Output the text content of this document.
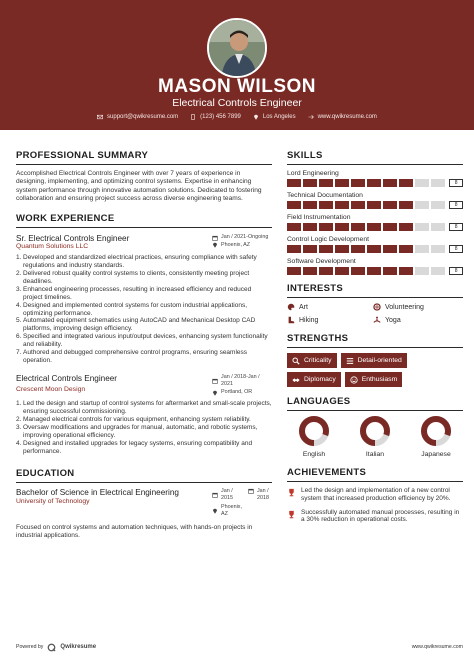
MASON WILSON
Electrical Controls Engineer
support@qwikresume.com	(123) 456 7899	Los Angeles	www.qwikresume.com
PROFESSIONAL SUMMARY
Accomplished Electrical Controls Engineer with over 7 years of experience in designing, implementing, and optimizing control systems. Expertise in enhancing system performance through innovative automation solutions. Dedicated to fostering collaboration and ensuring project success across diverse engineering teams.
WORK EXPERIENCE
Sr. Electrical Controls Engineer
Quantum Solutions LLC
Jan / 2021-Ongoing
Phoenix, AZ
1. Developed and standardized electrical practices, ensuring compliance with safety regulations and industry standards.
2. Delivered robust quality control systems to clients, consistently meeting project deadlines.
3. Enhanced engineering processes, resulting in increased efficiency and reduced project timelines.
4. Designed and implemented control systems for custom industrial applications, optimizing performance.
5. Automated equipment schematics using AutoCAD and Mechanical Desktop CAD platforms, improving design efficiency.
6. Specified and integrated various input/output devices, enhancing system functionality and reliability.
7. Authored and debugged comprehensive control programs, ensuring seamless operation.
Electrical Controls Engineer
Crescent Moon Design
Jan / 2018-Jan / 2021
Portland, OR
1. Led the design and startup of control systems for aftermarket and small-scale projects, ensuring successful commissioning.
2. Managed electrical controls for various equipment, enhancing system reliability.
3. Oversaw modifications and upgrades for manual, automatic, and robotic systems, improving operational efficiency.
4. Designed and installed upgrades for legacy systems, ensuring compatibility and performance.
EDUCATION
Bachelor of Science in Electrical Engineering
University of Technology
Jan / 2015
Phoenix, AZ
Jan / 2018
Focused on control systems and automation techniques, with hands-on projects in industrial applications.
SKILLS
Lord Engineering
8
Technical Documentation
8
Field Instrumentation
8
Control Logic Development
8
Software Development
8
INTERESTS
Art	Volunteering
Hiking	Yoga
STRENGTHS
Criticality	Detail-oriented
Diplomacy	Enthusiasm
LANGUAGES
English	Italian	Japanese
ACHIEVEMENTS
Led the design and implementation of a new control system that increased production efficiency by 20%.
Successfully automated manual processes, resulting in a 30% reduction in operational costs.
Powered by	Qwikresume	www.qwikresume.com
